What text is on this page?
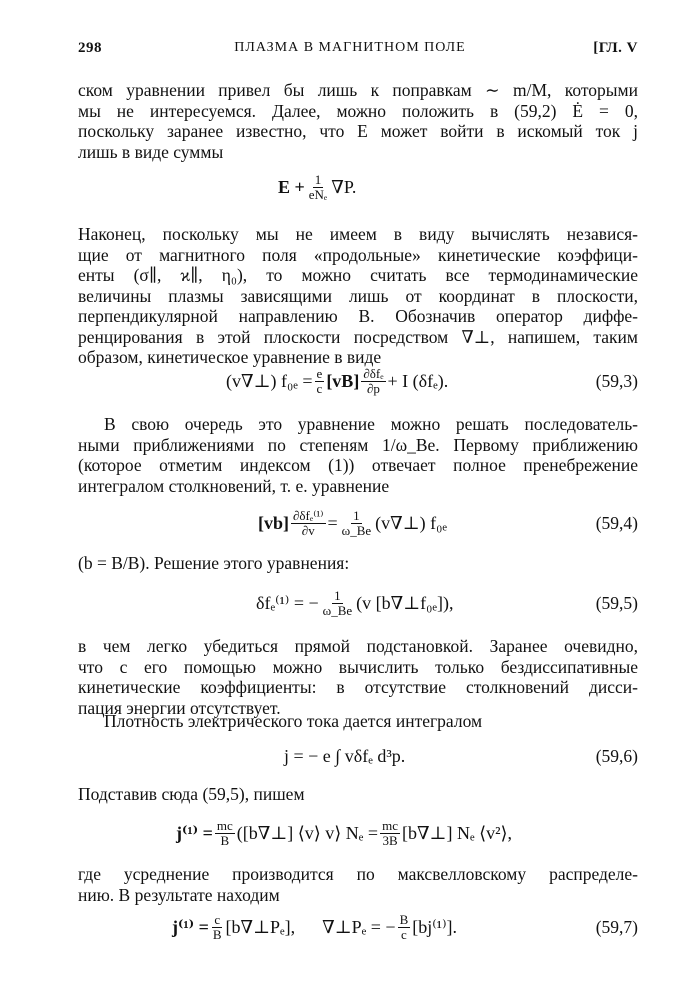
298	ПЛАЗМА В МАГНИТНОМ ПОЛЕ	[ГЛ. V
ском уравнении привел бы лишь к поправкам ∼ m/M, которыми
мы не интересуемся. Далее, можно положить в (59,2) Ė = 0,
поскольку заранее известно, что E может войти в искомый ток j
лишь в виде суммы
$E + \frac{1}{\text{eNₑ}} \nabla P$.
Наконец, поскольку мы не имеем в виду вычислять независя-
щие от магнитного поля «продольные» кинетические коэффици-
енты (σ∥, ϰ∥, η₀), то можно считать все термодинамические
величины плазмы зависящими лишь от координат в плоскости,
перпендикулярной направлению B. Обозначив оператор диффе-
ренцирования в этой плоскости посредством ∇⊥, напишем, таким
образом, кинетическое уравнение в виде
(v∇⊥) $f_{0e} = \frac{e}{c} [vB] \frac{\text{∂δfₑ}}{\partial p} + I$ (δfₑ).	(59,3)
В свою очередь это уравнение можно решать последователь-
ными приближениями по степеням 1/ω_Be. Первому приближению
(которое отметим индексом (1)) отвечает полное пренебрежение
интегралом столкновений, т. е. уравнение
$[vb] \frac{\text{∂δfₑ⁽¹⁾}}{\partial v} = \frac{1}{\omega\_Be}$ (v∇⊥) f₀ₑ	(59,4)
(b = B/B). Решение этого уравнения:
δfₑ⁽¹⁾ = − $\frac{1}{\omega\_Be} (v$ [b∇⊥f₀ₑ]),	(59,5)
в чем легко убедиться прямой подстановкой. Заранее очевидно,
что с его помощью можно вычислить только бездиссипативные
кинетические коэффициенты: в отсутствие столкновений дисси-
пация энергии отсутствует.
Плотность электрического тока дается интегралом
j = − e ∫ vδfₑ d³p.	(59,6)
Подставив сюда (59,5), пишем
$j^{(1)} = \frac{mc}{B}$ ([b∇⊥] ⟨v⟩ v⟩ $N_e = \frac{mc}{3B}$ [b∇⊥] Nₑ ⟨v²⟩,
где усреднение производится по максвелловскому распределе-
нию. В результате находим
$j^{(1)} = \frac{c}{B}$ [b∇⊥Pₑ],      ∇⊥Pₑ = − $\frac{B}{c} [bj^{(1)}]$.	(59,7)
